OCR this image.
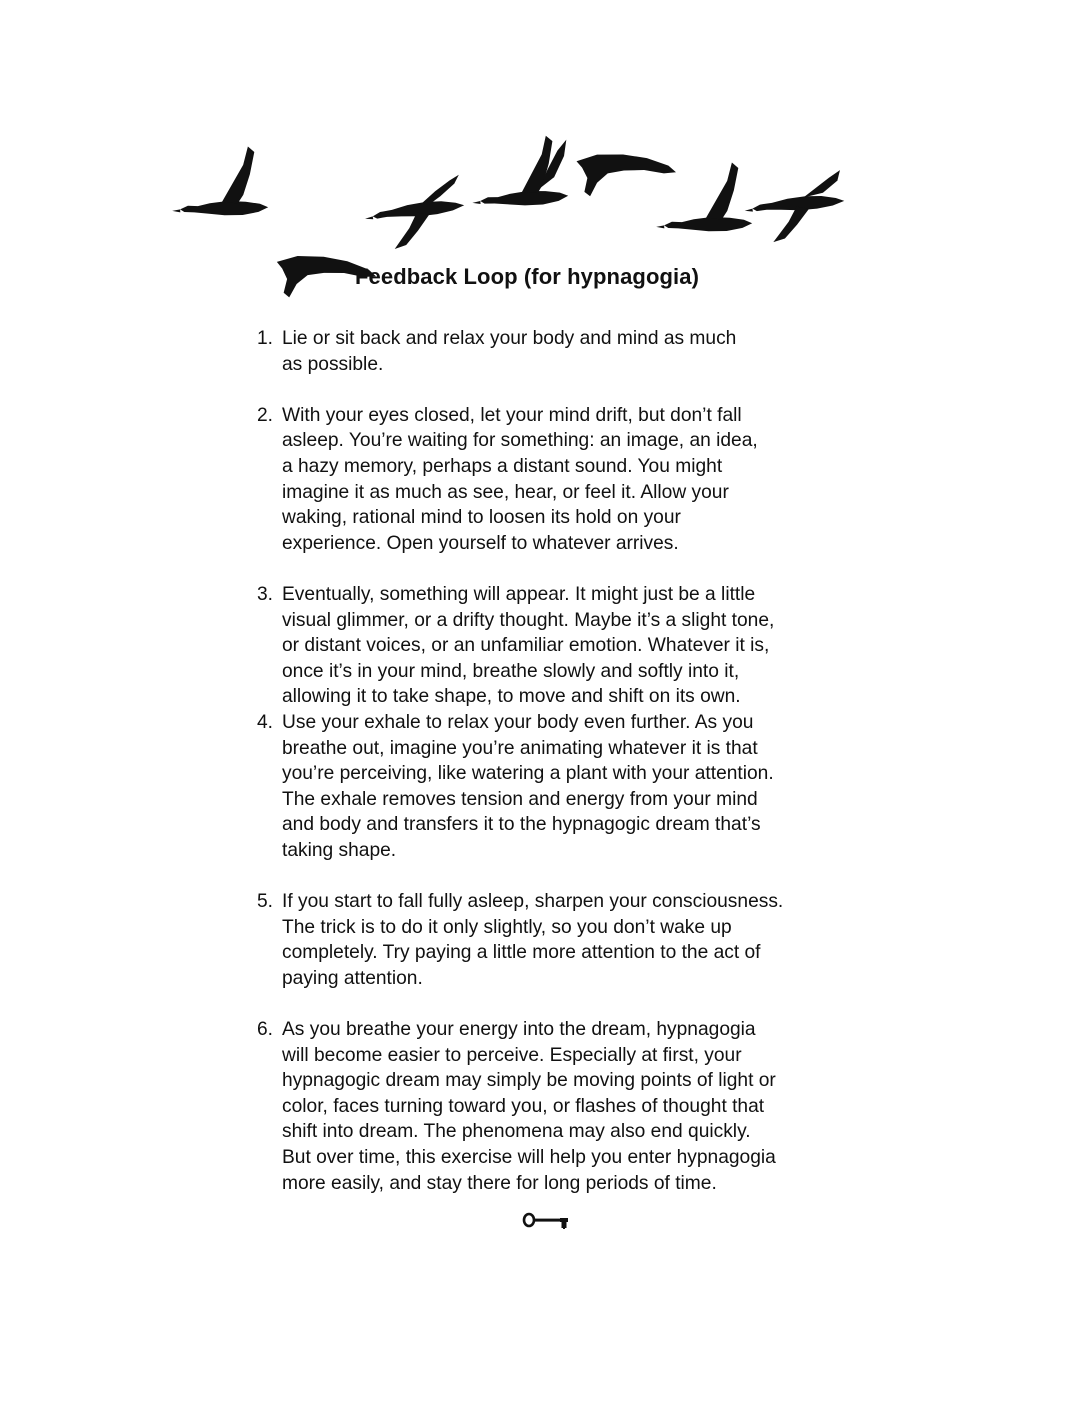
Feedback Loop (for hypnagogia)
1. Lie or sit back and relax your body and mind as much
as possible.
2. With your eyes closed, let your mind drift, but don’t fall
asleep. You’re waiting for something: an image, an idea,
a hazy memory, perhaps a distant sound. You might
imagine it as much as see, hear, or feel it. Allow your
waking, rational mind to loosen its hold on your
experience. Open yourself to whatever arrives.
3. Eventually, something will appear. It might just be a little
visual glimmer, or a drifty thought. Maybe it’s a slight tone,
or distant voices, or an unfamiliar emotion. Whatever it is,
once it’s in your mind, breathe slowly and softly into it,
allowing it to take shape, to move and shift on its own.
4. Use your exhale to relax your body even further. As you
breathe out, imagine you’re animating whatever it is that
you’re perceiving, like watering a plant with your attention.
The exhale removes tension and energy from your mind
and body and transfers it to the hypnagogic dream that’s
taking shape.
5. If you start to fall fully asleep, sharpen your consciousness.
The trick is to do it only slightly, so you don’t wake up
completely. Try paying a little more attention to the act of
paying attention.
6. As you breathe your energy into the dream, hypnagogia
will become easier to perceive. Especially at first, your
hypnagogic dream may simply be moving points of light or
color, faces turning toward you, or flashes of thought that
shift into dream. The phenomena may also end quickly.
But over time, this exercise will help you enter hypnagogia
more easily, and stay there for long periods of time.
